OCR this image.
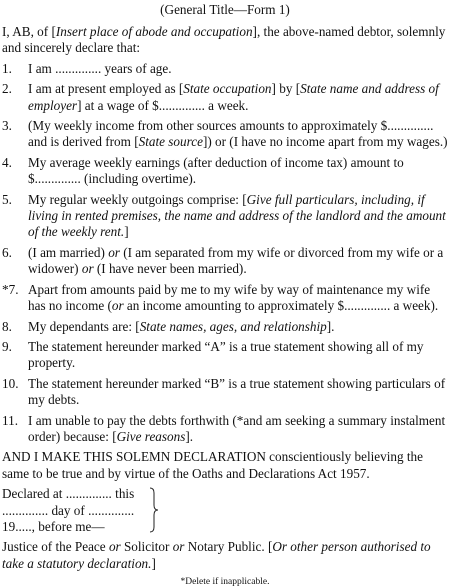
(General Title—Form 1)
I, AB, of [Insert place of abode and occupation], the above-named debtor, solemnly and sincerely declare that:
1.	I am .............. years of age.
2.	I am at present employed as [State occupation] by [State name and address of employer] at a wage of $.............. a week.
3.	(My weekly income from other sources amounts to approximately $.............. and is derived from [State source]) or (I have no income apart from my wages.)
4.	My average weekly earnings (after deduction of income tax) amount to $.............. (including overtime).
5.	My regular weekly outgoings comprise: [Give full particulars, including, if living in rented premises, the name and address of the landlord and the amount of the weekly rent.]
6.	(I am married) or (I am separated from my wife or divorced from my wife or a widower) or (I have never been married).
*7. Apart from amounts paid by me to my wife by way of maintenance my wife has no income (or an income amounting to approximately $.............. a week).
8.	My dependants are: [State names, ages, and relationship].
9.	The statement hereunder marked “A” is a true statement showing all of my property.
10. The statement hereunder marked “B” is a true statement showing particulars of my debts.
11. I am unable to pay the debts forthwith (*and am seeking a summary instalment order) because: [Give reasons].
AND I MAKE THIS SOLEMN DECLARATION conscientiously believing the same to be true and by virtue of the Oaths and Declarations Act 1957.
Declared at .............. this
.............. day of ..............
19....., before me—
Justice of the Peace or Solicitor or Notary Public. [Or other person authorised to take a statutory declaration.]
*Delete if inapplicable.
